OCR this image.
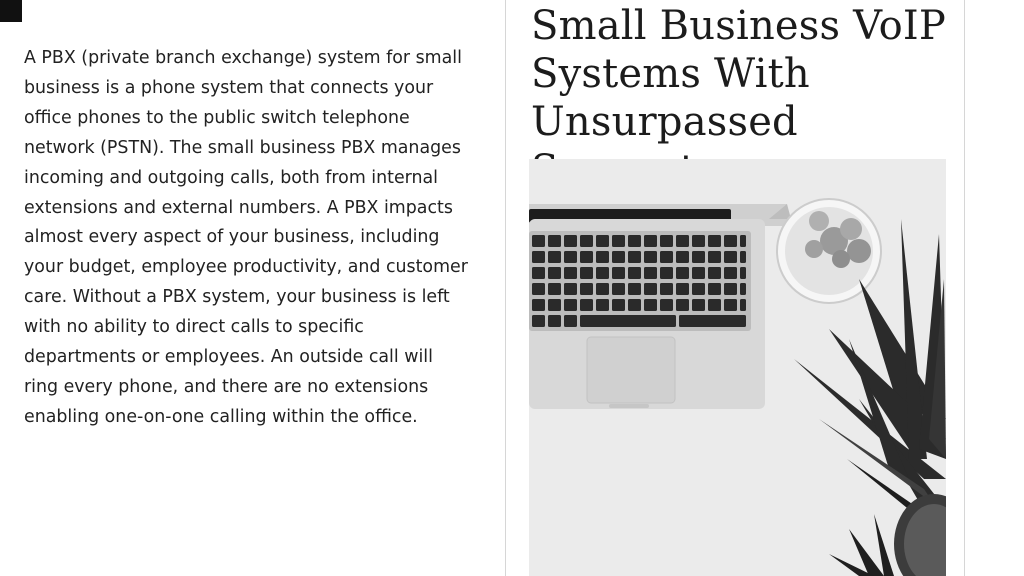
A PBX (private branch exchange) system for small business is a phone system that connects your office phones to the public switch telephone network (PSTN). The small business PBX manages incoming and outgoing calls, both from internal extensions and external numbers. A PBX impacts almost every aspect of your business, including your budget, employee productivity, and customer care. Without a PBX system, your business is left with no ability to direct calls to specific departments or employees. An outside call will ring every phone, and there are no extensions enabling one-on-one calling within the office.

Small Business VoIP
Systems With
Unsurpassed
